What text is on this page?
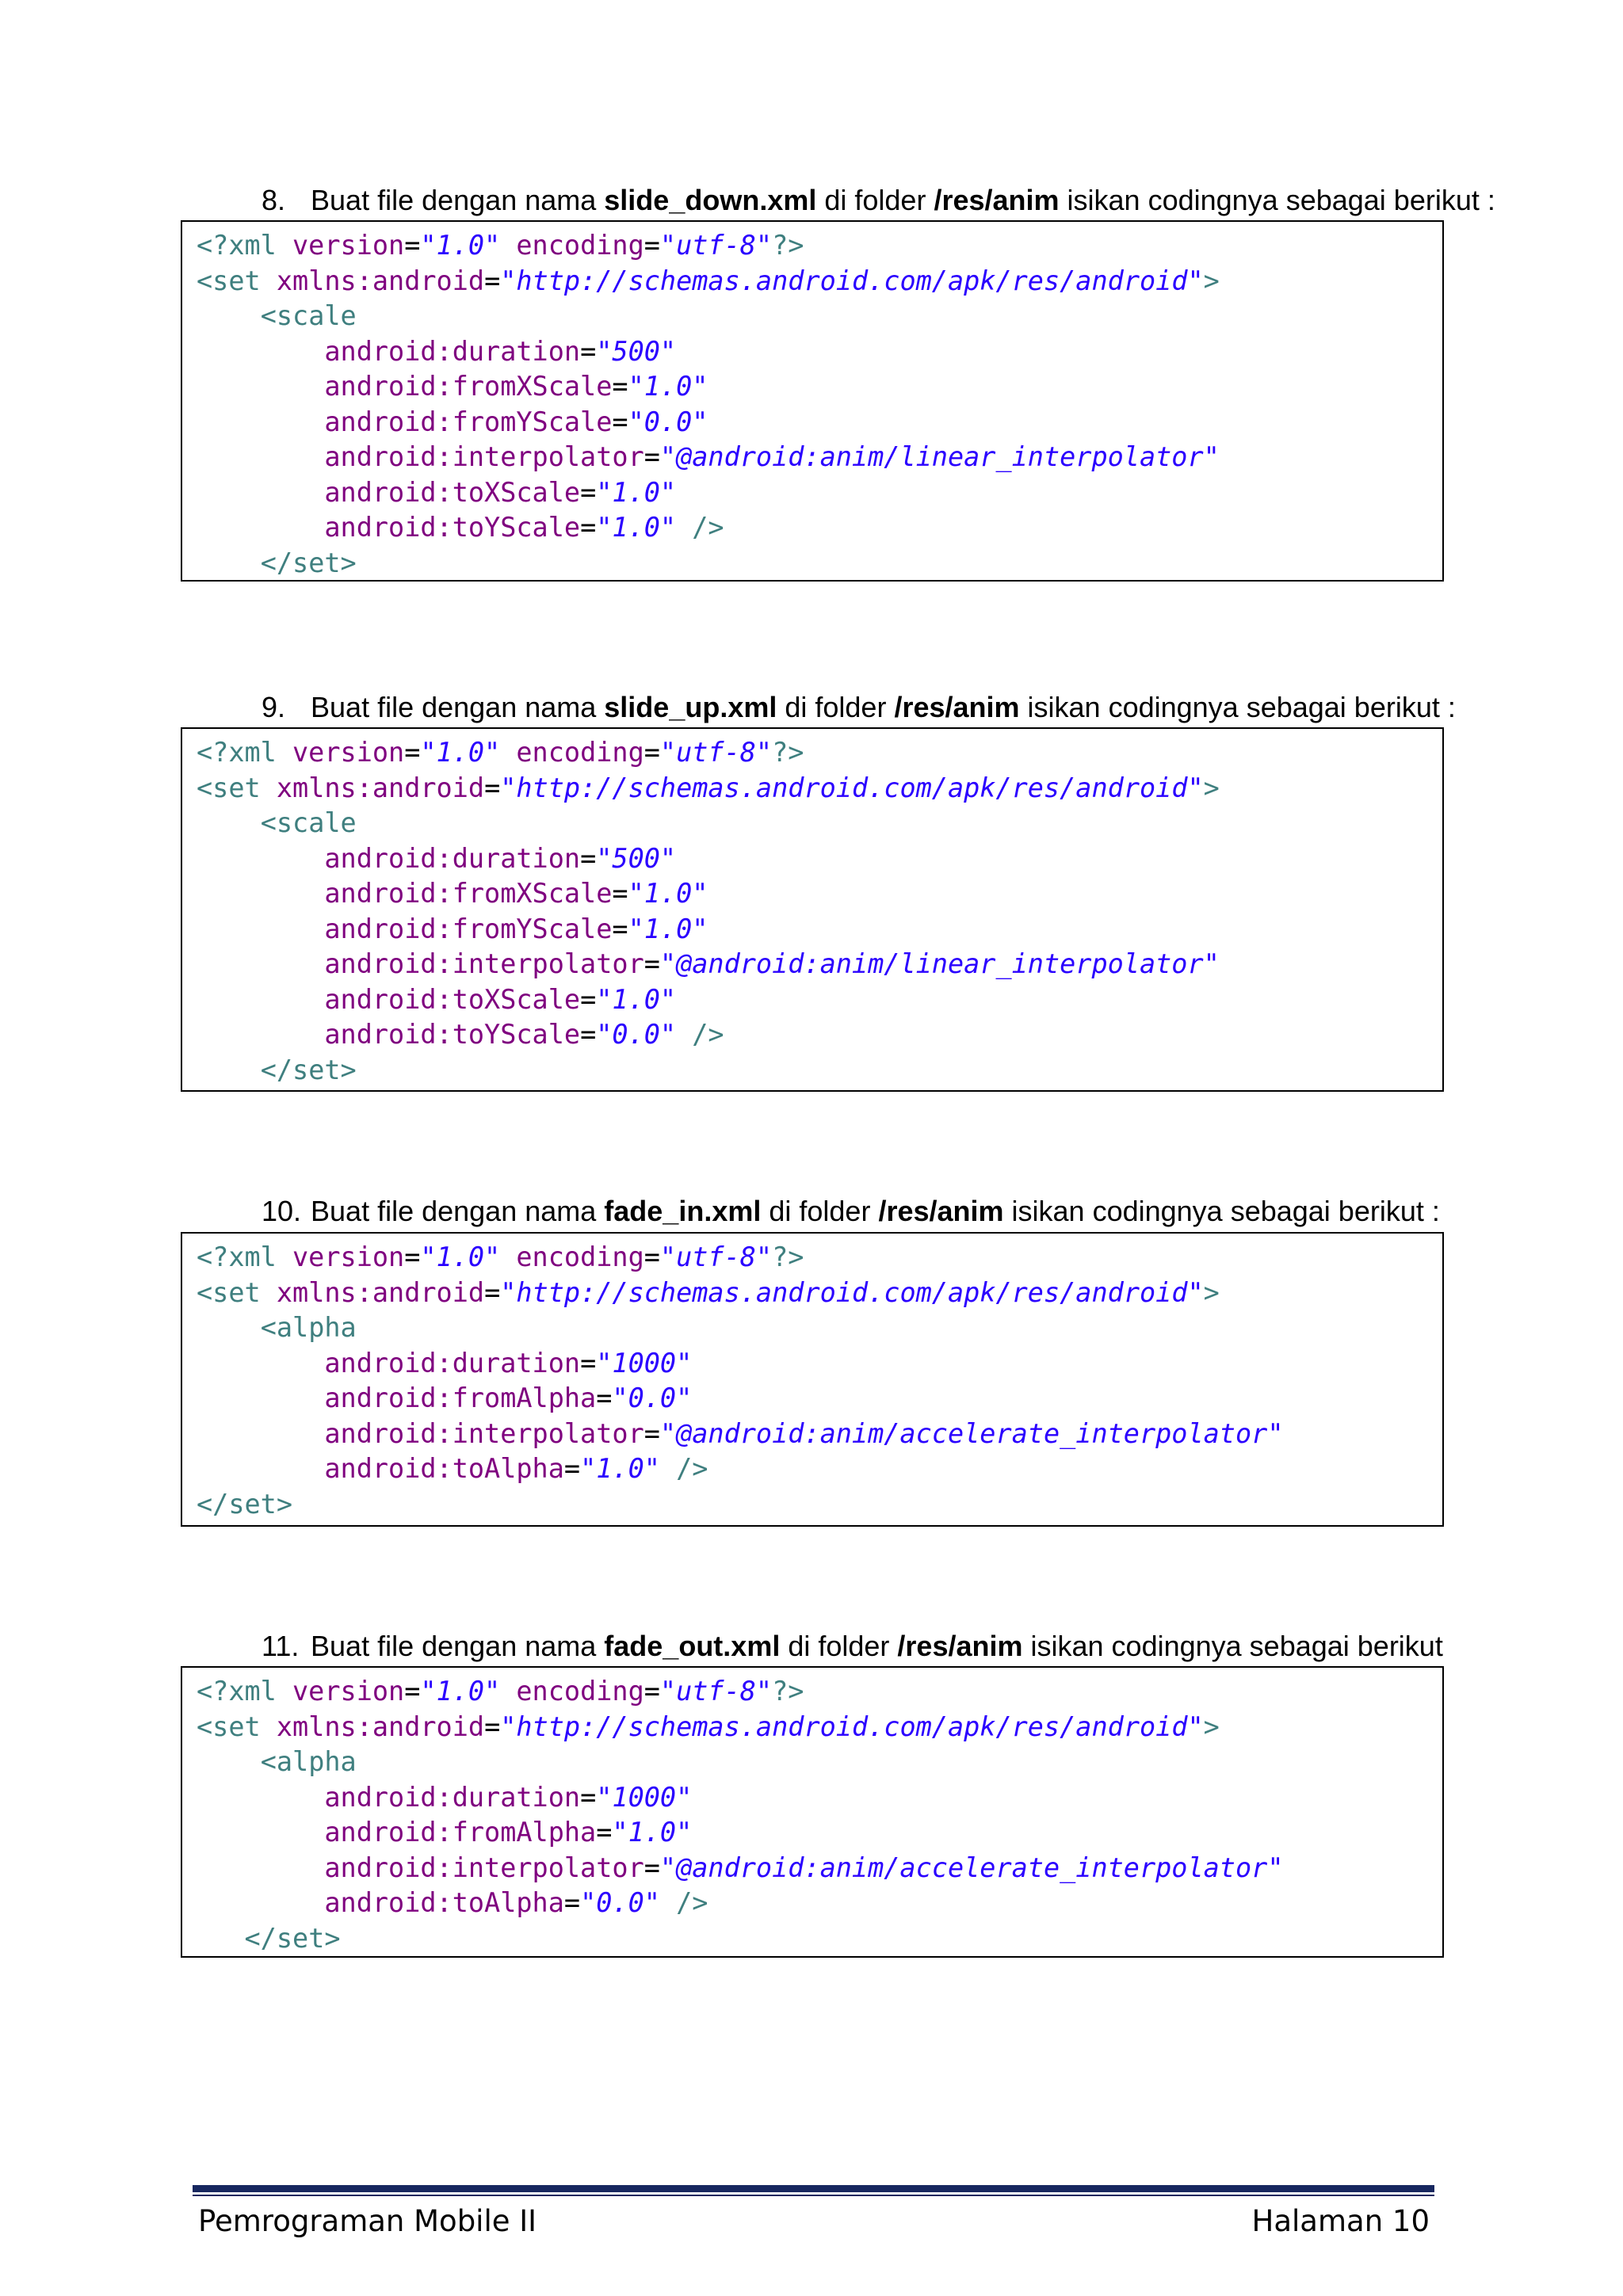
8. Buat file dengan nama slide_down.xml di folder /res/anim isikan codingnya sebagai berikut :

<?xml version="1.0" encoding="utf-8"?>
<set xmlns:android="http://schemas.android.com/apk/res/android">
<scale
android:duration="500"
android:fromXScale="1.0"
android:fromYScale="0.0"
android:interpolator="@android:anim/linear_interpolator"
android:toXScale="1.0"
android:toYScale="1.0" />
</set>

9. Buat file dengan nama slide_up.xml di folder /res/anim isikan codingnya sebagai berikut :

<?xml version="1.0" encoding="utf-8"?>
<set xmlns:android="http://schemas.android.com/apk/res/android">
<scale
android:duration="500"
android:fromXScale="1.0"
android:fromYScale="1.0"
android:interpolator="@android:anim/linear_interpolator"
android:toXScale="1.0"
android:toYScale="0.0" />
</set>

10. Buat file dengan nama fade_in.xml di folder /res/anim isikan codingnya sebagai berikut :

<?xml version="1.0" encoding="utf-8"?>
<set xmlns:android="http://schemas.android.com/apk/res/android">
<alpha
android:duration="1000"
android:fromAlpha="0.0"
android:interpolator="@android:anim/accelerate_interpolator"
android:toAlpha="1.0" />
</set>

11. Buat file dengan nama fade_out.xml di folder /res/anim isikan codingnya sebagai berikut

<?xml version="1.0" encoding="utf-8"?>
<set xmlns:android="http://schemas.android.com/apk/res/android">
<alpha
android:duration="1000"
android:fromAlpha="1.0"
android:interpolator="@android:anim/accelerate_interpolator"
android:toAlpha="0.0" />
</set>
Pemrograman Mobile II	Halaman 10
